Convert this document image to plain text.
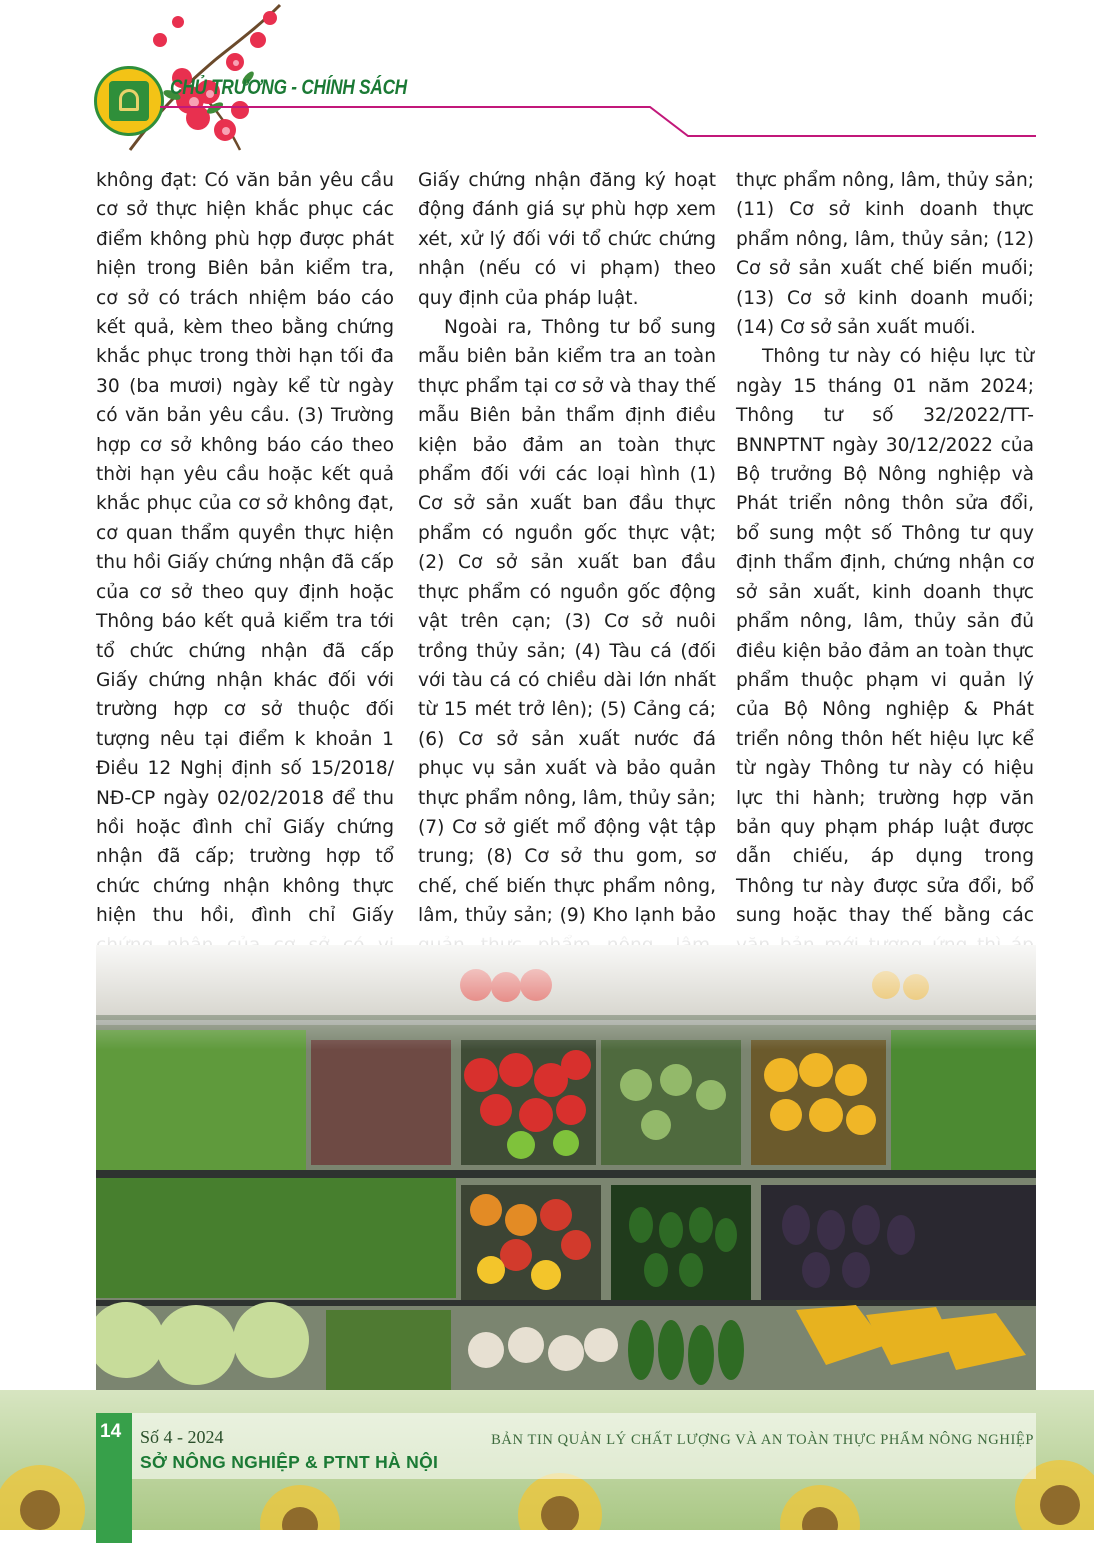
CHỦ TRƯƠNG - CHÍNH SÁCH

không đạt: Có văn bản yêu cầu cơ sở thực hiện khắc phục các điểm không phù hợp được phát hiện trong Biên bản kiểm tra, cơ sở có trách nhiệm báo cáo kết quả, kèm theo bằng chứng khắc phục trong thời hạn tối đa 30 (ba mươi) ngày kể từ ngày có văn bản yêu cầu. (3) Trường hợp cơ sở không báo cáo theo thời hạn yêu cầu hoặc kết quả khắc phục của cơ sở không đạt, cơ quan thẩm quyền thực hiện thu hồi Giấy chứng nhận đã cấp của cơ sở theo quy định hoặc Thông báo kết quả kiểm tra tới tổ chức chứng nhận đã cấp Giấy chứng nhận khác đối với trường hợp cơ sở thuộc đối tượng nêu tại điểm k khoản 1 Điều 12 Nghị định số 15/2018/ NĐ-CP ngày 02/02/2018 để thu hồi hoặc đình chỉ Giấy chứng nhận đã cấp; trường hợp tổ chức chứng nhận không thực hiện thu hồi, đình chỉ Giấy

Giấy chứng nhận đăng ký hoạt động đánh giá sự phù hợp xem xét, xử lý đối với tổ chức chứng nhận (nếu có vi phạm) theo quy định của pháp luật.

Ngoài ra, Thông tư bổ sung mẫu biên bản kiểm tra an toàn thực phẩm tại cơ sở và thay thế mẫu Biên bản thẩm định điều kiện bảo đảm an toàn thực phẩm đối với các loại hình (1) Cơ sở sản xuất ban đầu thực phẩm có nguồn gốc thực vật; (2) Cơ sở sản xuất ban đầu thực phẩm có nguồn gốc động vật trên cạn; (3) Cơ sở nuôi trồng thủy sản; (4) Tàu cá (đối với tàu cá có chiều dài lớn nhất từ 15 mét trở lên); (5) Cảng cá; (6) Cơ sở sản xuất nước đá phục vụ sản xuất và bảo quản thực phẩm nông, lâm, thủy sản; (7) Cơ sở giết mổ động vật tập trung; (8) Cơ sở thu gom, sơ chế, chế biến thực phẩm nông, lâm, thủy sản; (9) Kho lạnh bảo

thực phẩm nông, lâm, thủy sản; (11) Cơ sở kinh doanh thực phẩm nông, lâm, thủy sản; (12) Cơ sở sản xuất chế biến muối; (13) Cơ sở kinh doanh muối; (14) Cơ sở sản xuất muối.

Thông tư này có hiệu lực từ ngày 15 tháng 01 năm 2024; Thông tư số 32/2022/TT-BNNPTNT ngày 30/12/2022 của Bộ trưởng Bộ Nông nghiệp và Phát triển nông thôn sửa đổi, bổ sung một số Thông tư quy định thẩm định, chứng nhận cơ sở sản xuất, kinh doanh thực phẩm nông, lâm, thủy sản đủ điều kiện bảo đảm an toàn thực phẩm thuộc phạm vi quản lý của Bộ Nông nghiệp & Phát triển nông thôn hết hiệu lực kể từ ngày Thông tư này có hiệu lực thi hành; trường hợp văn bản quy phạm pháp luật được dẫn chiếu, áp dụng trong Thông tư này được sửa đổi, bổ sung hoặc thay thế bằng các

14 Số 4 - 2024
SỞ NÔNG NGHIỆP & PTNT HÀ NỘI
BẢN TIN QUẢN LÝ CHẤT LƯỢNG VÀ AN TOÀN THỰC PHẨM NÔNG NGHIỆP
